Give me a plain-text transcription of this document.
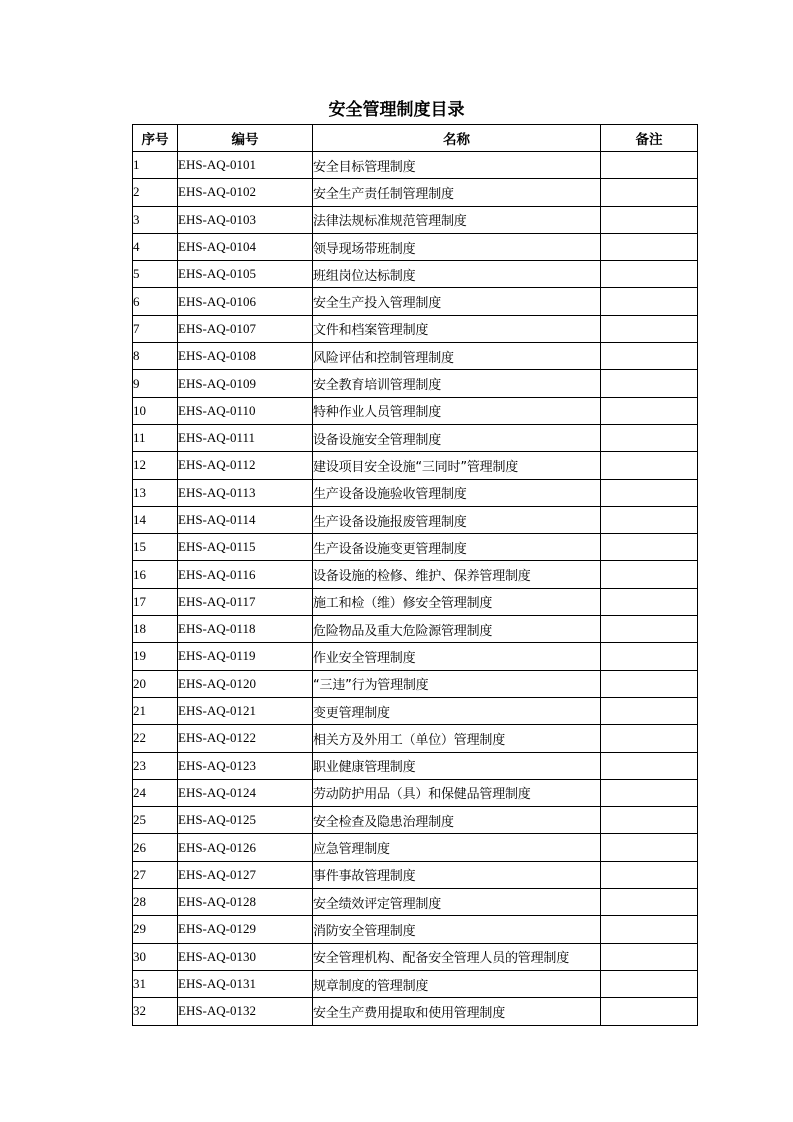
安全管理制度目录
序号	编号	名称	备注
1	EHS-AQ-0101	安全目标管理制度	
2	EHS-AQ-0102	安全生产责任制管理制度	
3	EHS-AQ-0103	法律法规标准规范管理制度	
4	EHS-AQ-0104	领导现场带班制度	
5	EHS-AQ-0105	班组岗位达标制度	
6	EHS-AQ-0106	安全生产投入管理制度	
7	EHS-AQ-0107	文件和档案管理制度	
8	EHS-AQ-0108	风险评估和控制管理制度	
9	EHS-AQ-0109	安全教育培训管理制度	
10	EHS-AQ-0110	特种作业人员管理制度	
11	EHS-AQ-0111	设备设施安全管理制度	
12	EHS-AQ-0112	建设项目安全设施“三同时”管理制度	
13	EHS-AQ-0113	生产设备设施验收管理制度	
14	EHS-AQ-0114	生产设备设施报废管理制度	
15	EHS-AQ-0115	生产设备设施变更管理制度	
16	EHS-AQ-0116	设备设施的检修、维护、保养管理制度	
17	EHS-AQ-0117	施工和检（维）修安全管理制度	
18	EHS-AQ-0118	危险物品及重大危险源管理制度	
19	EHS-AQ-0119	作业安全管理制度	
20	EHS-AQ-0120	“三违”行为管理制度	
21	EHS-AQ-0121	变更管理制度	
22	EHS-AQ-0122	相关方及外用工（单位）管理制度	
23	EHS-AQ-0123	职业健康管理制度	
24	EHS-AQ-0124	劳动防护用品（具）和保健品管理制度	
25	EHS-AQ-0125	安全检查及隐患治理制度	
26	EHS-AQ-0126	应急管理制度	
27	EHS-AQ-0127	事件事故管理制度	
28	EHS-AQ-0128	安全绩效评定管理制度	
29	EHS-AQ-0129	消防安全管理制度	
30	EHS-AQ-0130	安全管理机构、配备安全管理人员的管理制度	
31	EHS-AQ-0131	规章制度的管理制度	
32	EHS-AQ-0132	安全生产费用提取和使用管理制度	
